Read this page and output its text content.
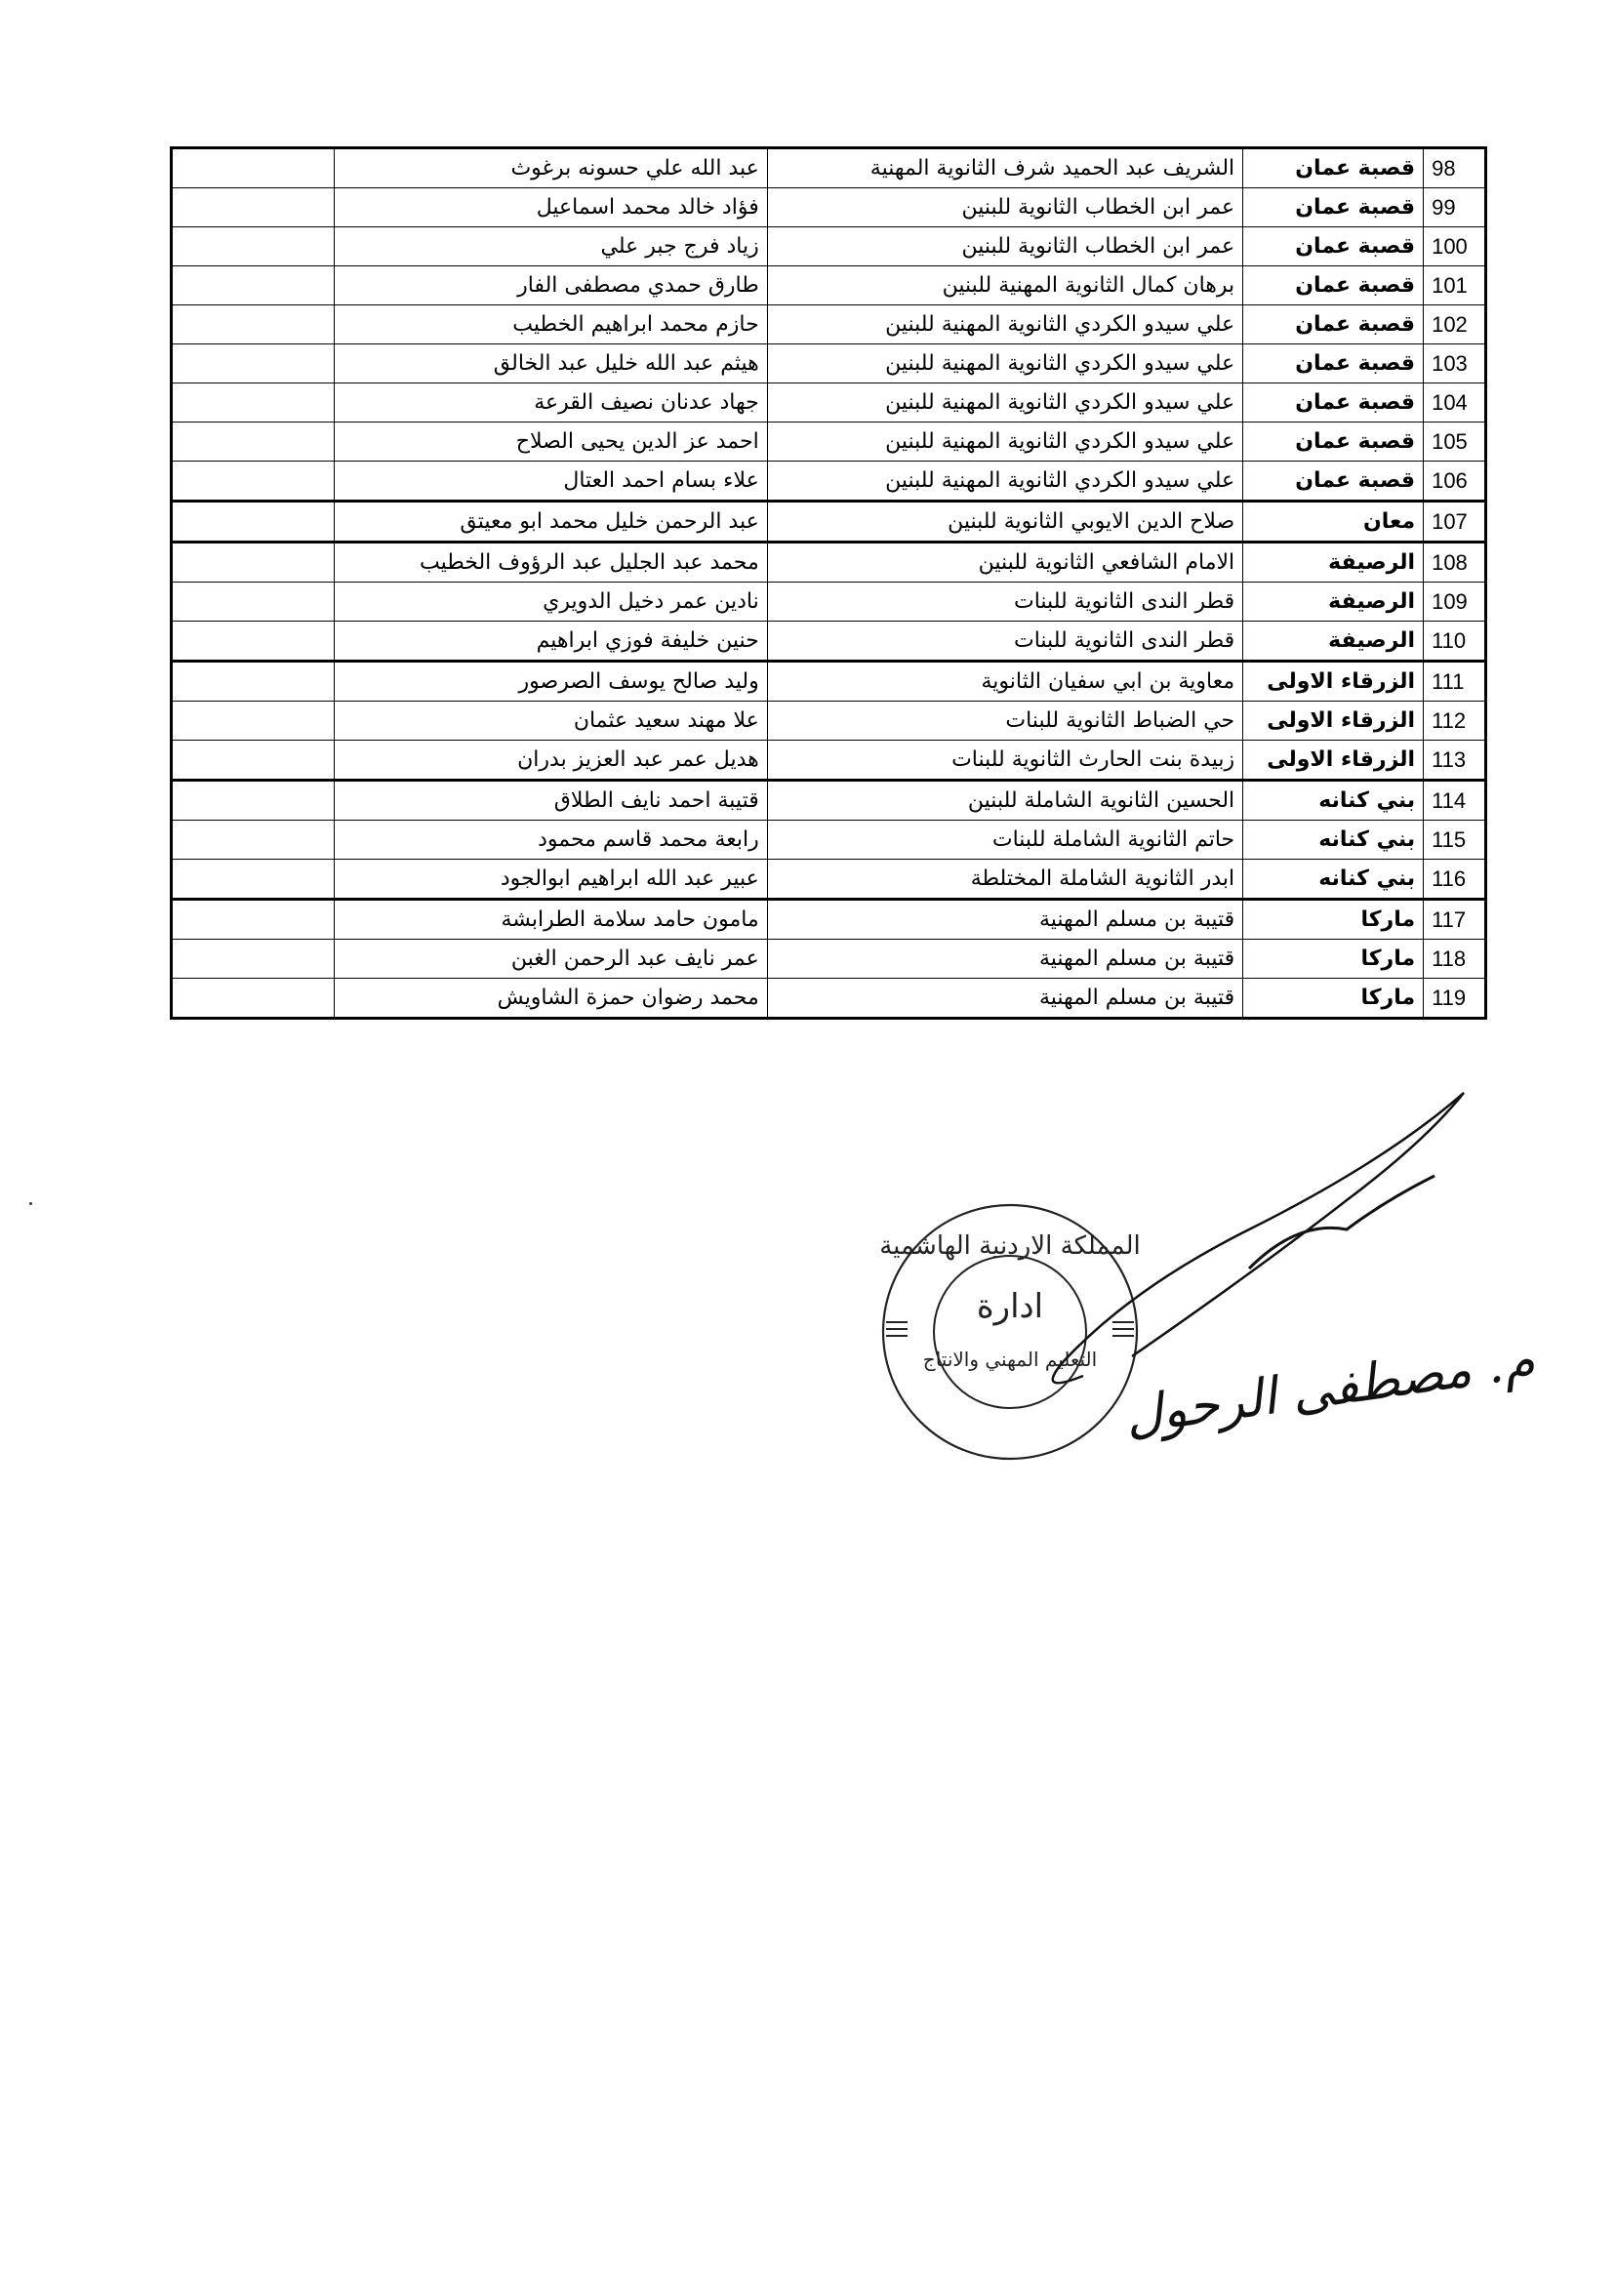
98	قصبة عمان	الشريف عبد الحميد شرف الثانوية المهنية	عبد الله علي حسونه برغوث	
99	قصبة عمان	عمر ابن الخطاب الثانوية للبنين	فؤاد خالد محمد اسماعيل	
100	قصبة عمان	عمر ابن الخطاب الثانوية للبنين	زياد فرج جبر علي	
101	قصبة عمان	برهان كمال الثانوية المهنية للبنين	طارق حمدي مصطفى الفار	
102	قصبة عمان	علي سيدو الكردي الثانوية المهنية للبنين	حازم محمد ابراهيم الخطيب	
103	قصبة عمان	علي سيدو الكردي الثانوية المهنية للبنين	هيثم عبد الله خليل عبد الخالق	
104	قصبة عمان	علي سيدو الكردي الثانوية المهنية للبنين	جهاد عدنان نصيف القرعة	
105	قصبة عمان	علي سيدو الكردي الثانوية المهنية للبنين	احمد عز الدين يحيى الصلاح	
106	قصبة عمان	علي سيدو الكردي الثانوية المهنية للبنين	علاء بسام احمد العتال	
107	معان	صلاح الدين الايوبي الثانوية للبنين	عبد الرحمن خليل محمد ابو معيتق	
108	الرصيفة	الامام الشافعي الثانوية للبنين	محمد عبد الجليل عبد الرؤوف الخطيب	
109	الرصيفة	قطر الندى الثانوية للبنات	نادين عمر دخيل الدويري	
110	الرصيفة	قطر الندى الثانوية للبنات	حنين خليفة فوزي ابراهيم	
111	الزرقاء الاولى	معاوية بن ابي سفيان الثانوية	وليد صالح يوسف الصرصور	
112	الزرقاء الاولى	حي الضباط الثانوية للبنات	علا مهند سعيد عثمان	
113	الزرقاء الاولى	زبيدة بنت الحارث الثانوية للبنات	هديل عمر عبد العزيز بدران	
114	بني كنانه	الحسين الثانوية الشاملة للبنين	قتيبة احمد نايف الطلاق	
115	بني كنانه	حاتم الثانوية الشاملة للبنات	رابعة محمد قاسم محمود	
116	بني كنانه	ابدر الثانوية الشاملة المختلطة	عبير عبد الله ابراهيم ابوالجود	
117	ماركا	قتيبة بن مسلم المهنية	مامون حامد سلامة الطرابشة	
118	ماركا	قتيبة بن مسلم المهنية	عمر نايف عبد الرحمن الغبن	
119	ماركا	قتيبة بن مسلم المهنية	محمد رضوان حمزة الشاويش	
المملكة الاردنية الهاشمية
ادارة
التعليم المهني والانتاج م. مصطفى الرحول
